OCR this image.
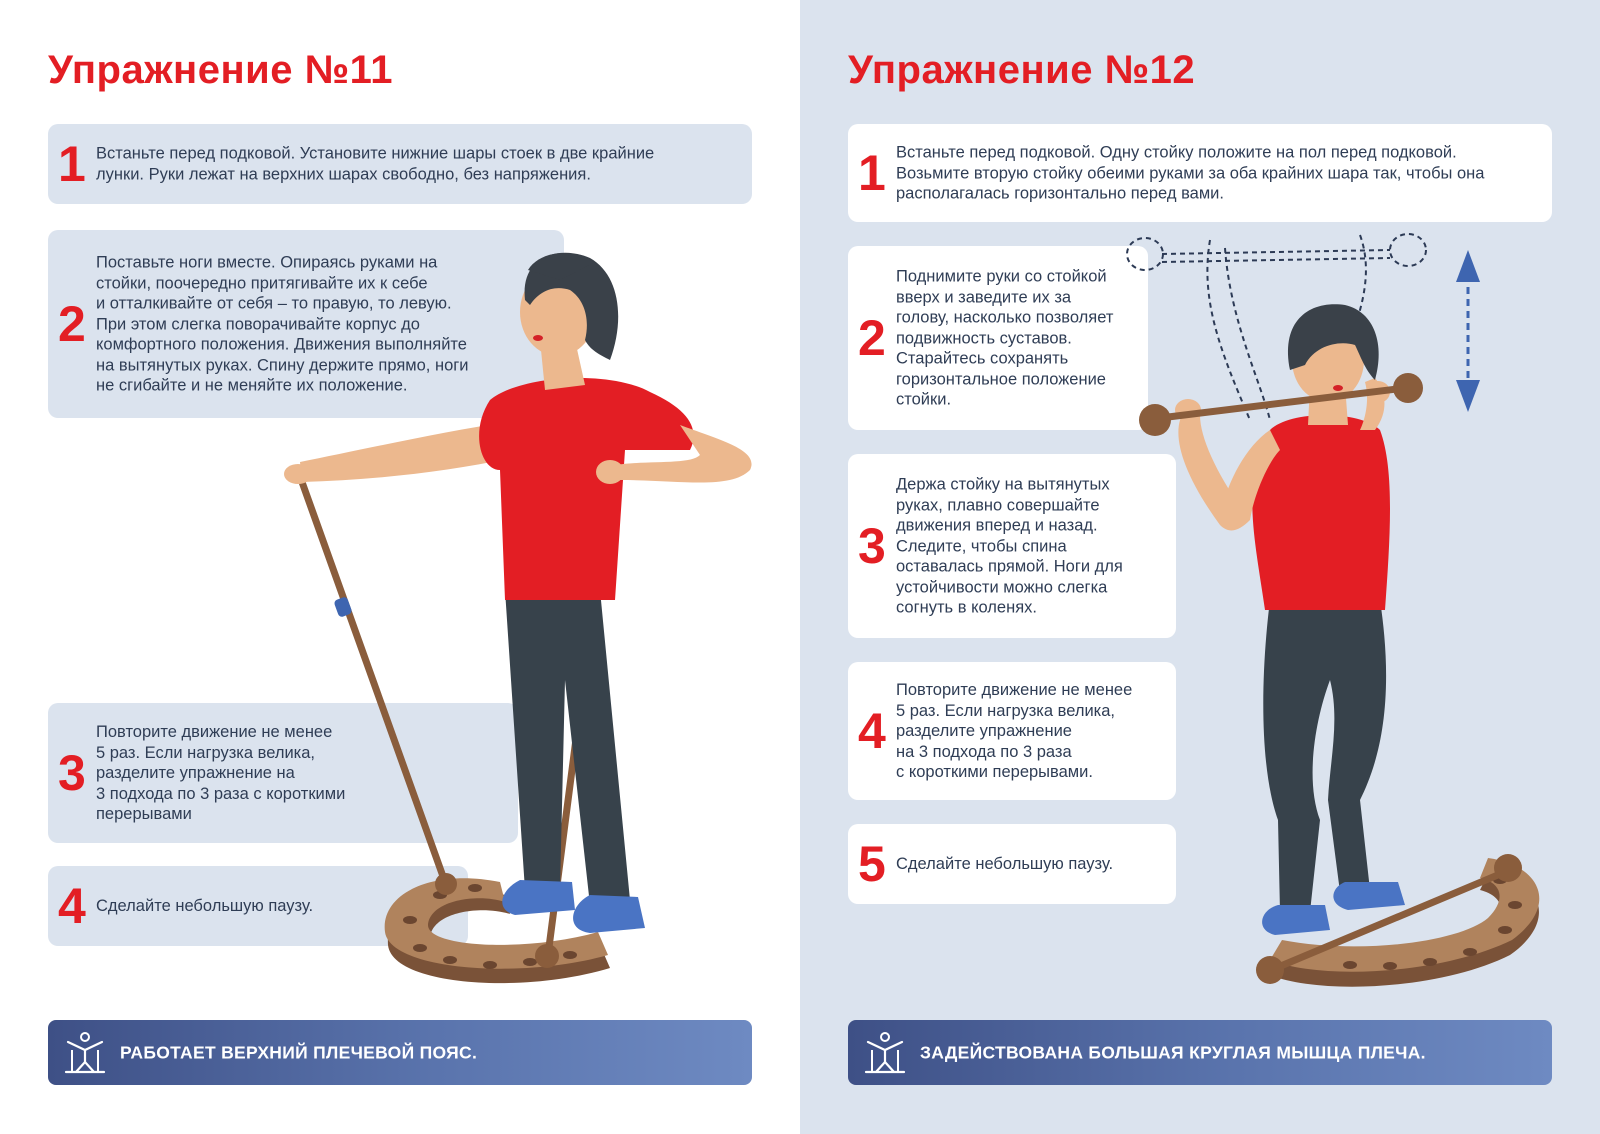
Упражнение №11
1 Встаньте перед подковой. Установите нижние шары стоек в две крайние
лунки. Руки лежат на верхних шарах свободно, без напряжения.
2
Поставьте ноги вместе. Опираясь руками на
стойки, поочередно притягивайте их к себе
и отталкивайте от себя – то правую, то левую.
При этом слегка поворачивайте корпус до
комфортного положения. Движения выполняйте
на вытянутых руках. Спину держите прямо, ноги
не сгибайте и не меняйте их положение.
3
Повторите движение не менее
5 раз. Если нагрузка велика,
разделите упражнение на
3 подхода по 3 раза с короткими
перерывами
4 Сделайте небольшую паузу.
РАБОТАЕТ ВЕРХНИЙ ПЛЕЧЕВОЙ ПОЯС.
Упражнение №12
1 Встаньте перед подковой. Одну стойку положите на пол перед подковой.
Возьмите вторую стойку обеими руками за оба крайних шара так, чтобы она
располагалась горизонтально перед вами.
2
Поднимите руки со стойкой
вверх и заведите их за
голову, насколько позволяет
подвижность суставов.
Старайтесь сохранять
горизонтальное положение
стойки.
3
Держа стойку на вытянутых
руках, плавно совершайте
движения вперед и назад.
Следите, чтобы спина
оставалась прямой. Ноги для
устойчивости можно слегка
согнуть в коленях.
4
Повторите движение не менее
5 раз. Если нагрузка велика,
разделите упражнение
на 3 подхода по 3 раза
с короткими перерывами.
5 Сделайте небольшую паузу.
ЗАДЕЙСТВОВАНА БОЛЬШАЯ КРУГЛАЯ МЫШЦА ПЛЕЧА.
